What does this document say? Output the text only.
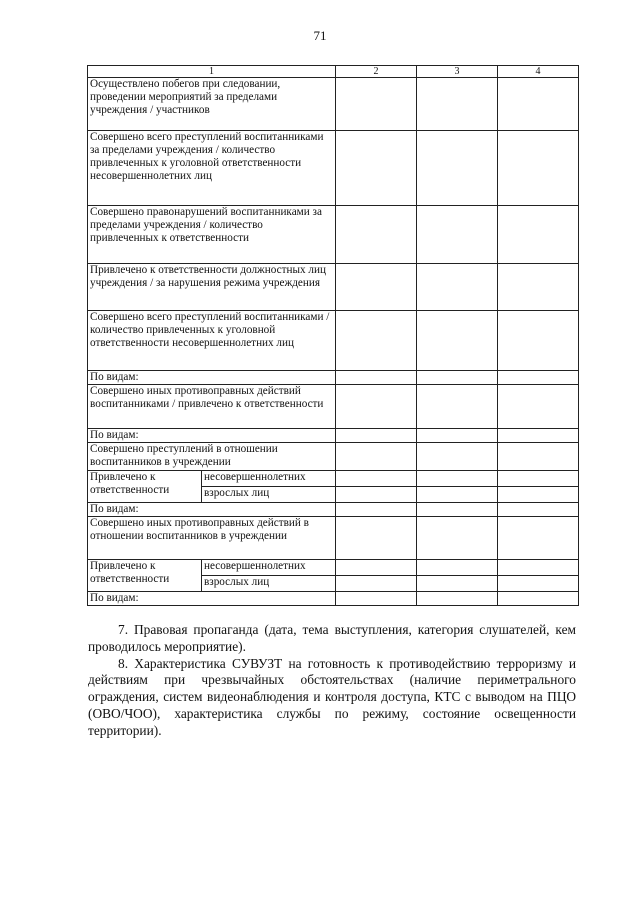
71
1		2	3	4
Осуществлено побегов при следовании, проведении мероприятий за пределами учреждения / участников				
Совершено всего преступлений воспитанниками за пределами учреждения / количество привлеченных к уголовной ответственности несовершеннолетних лиц				
Совершено правонарушений воспитанниками за пределами учреждения / количество привлеченных к ответственности				
Привлечено к ответственности должностных лиц учреждения / за нарушения режима учреждения				
Совершено всего преступлений воспитанниками / количество привлеченных к уголовной ответственности несовершеннолетних лиц				
По видам:				
Совершено иных противоправных действий воспитанниками / привлечено к ответственности				
По видам:				
Совершено преступлений в отношении воспитанников в учреждении				
Привлечено к ответственности	несовершеннолетних			
	взрослых лиц			
По видам:				
Совершено иных противоправных действий в отношении воспитанников в учреждении				
Привлечено к ответственности	несовершеннолетних			
	взрослых лиц			
По видам:				

7. Правовая пропаганда (дата, тема выступления, категория слушателей, кем проводилось мероприятие).

8. Характеристика СУВУЗТ на готовность к противодействию терроризму и действиям при чрезвычайных обстоятельствах (наличие периметрального ограждения, систем видеонаблюдения и контроля доступа, КТС с выводом на ПЦО (ОВО/ЧОО), характеристика службы по режиму, состояние освещенности территории).
